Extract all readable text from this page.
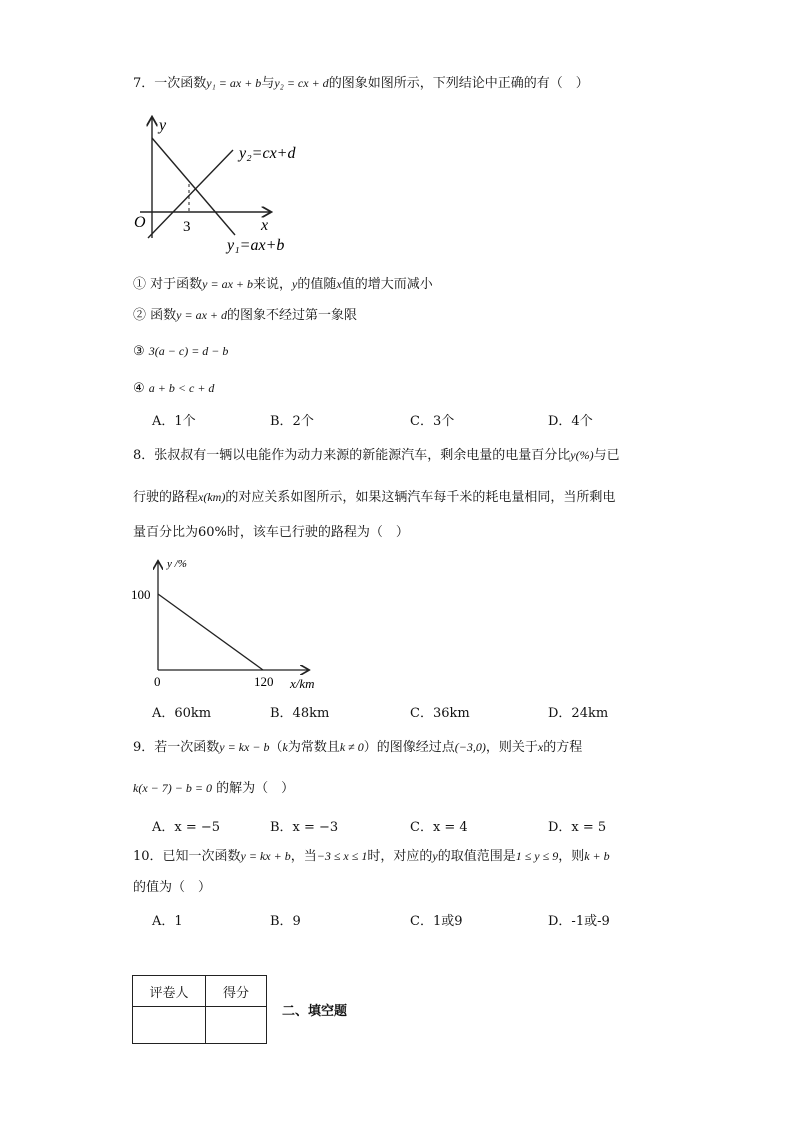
7．一次函数y₁ = ax + b与y₂ = cx + d的图象如图所示，下列结论中正确的有（　）
y
x
O 3
y₂=cx+d
y₁=ax+b
① 对于函数y = ax + b来说，y的值随x值的增大而减小
② 函数y = ax + d的图象不经过第一象限
③ 3(a − c) = d − b
④ a + b < c + d
A．1个	B．2个	C．3个	D．4个
8．张叔叔有一辆以电能作为动力来源的新能源汽车，剩余电量的电量百分比y(%)与已
行驶的路程x(km)的对应关系如图所示，如果这辆汽车每千米的耗电量相同，当所剩电
量百分比为60%时，该车已行驶的路程为（　）
y /%
100
0	120 x/km
A．60km	B．48km	C．36km	D．24km
9．若一次函数y = kx − b（k为常数且k ≠ 0）的图像经过点(−3,0)，则关于x的方程
k(x − 7) − b = 0 的解为（　）
A．x = −5	B．x = −3	C．x = 4	D．x = 5
10．已知一次函数y = kx + b，当−3 ≤ x ≤ 1时，对应的y的取值范围是1 ≤ y ≤ 9，则k + b
的值为（　）
A．1	B．9	C．1或9	D．-1或-9
评卷人	得分

二、填空题
